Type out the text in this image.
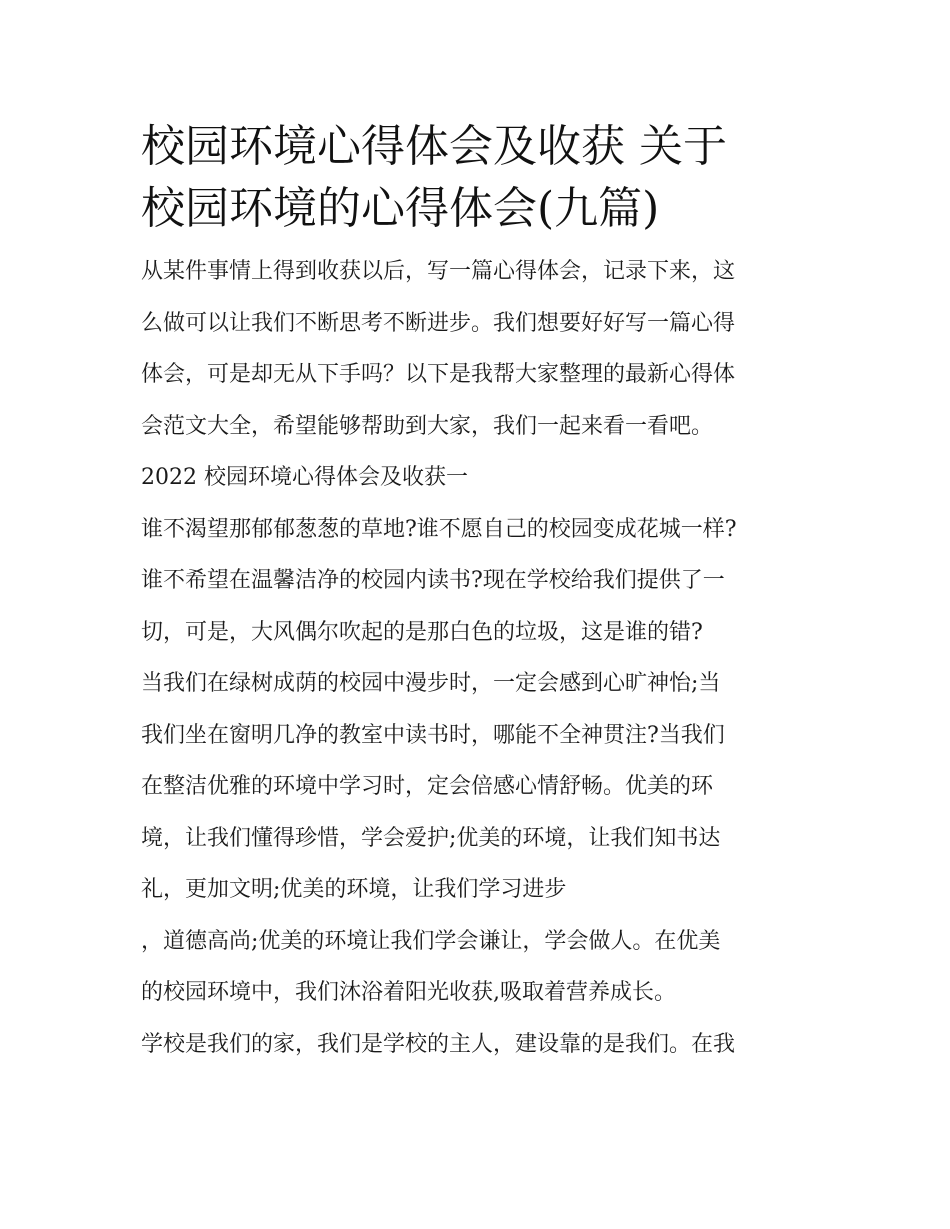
校园环境心得体会及收获 关于
校园环境的心得体会(九篇)
从某件事情上得到收获以后，写一篇心得体会，记录下来，这
么做可以让我们不断思考不断进步。我们想要好好写一篇心得
体会，可是却无从下手吗？以下是我帮大家整理的最新心得体
会范文大全，希望能够帮助到大家，我们一起来看一看吧。
2022 校园环境心得体会及收获一
谁不渴望那郁郁葱葱的草地?谁不愿自己的校园变成花城一样?
谁不希望在温馨洁净的校园内读书?现在学校给我们提供了一
切，可是，大风偶尔吹起的是那白色的垃圾，这是谁的错?
当我们在绿树成荫的校园中漫步时，一定会感到心旷神怡;当
我们坐在窗明几净的教室中读书时，哪能不全神贯注?当我们
在整洁优雅的环境中学习时，定会倍感心情舒畅。优美的环
境，让我们懂得珍惜，学会爱护;优美的环境，让我们知书达
礼，更加文明;优美的环境，让我们学习进步
，道德高尚;优美的环境让我们学会谦让，学会做人。在优美
的校园环境中，我们沐浴着阳光收获,吸取着营养成长。
学校是我们的家，我们是学校的主人，建设靠的是我们。在我
